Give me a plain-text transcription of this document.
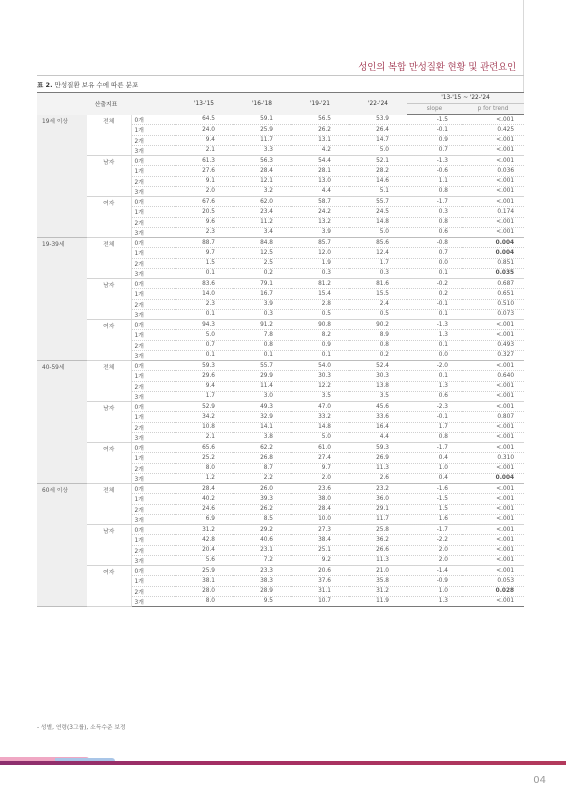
성인의 복합 만성질환 현황 및 관련요인
표 2. 만성질환 보유 수에 따른 분포
산출지표			'13-'15	'16-'18	'19-'21	'22-'24	'13-'15 ~ '22-'24	
							slope	p for trend
19세 이상	전체	0개	64.5	59.1	56.5	53.9	-1.5	<.001
		1개	24.0	25.9	26.2	26.4	-0.1	0.425
		2개	9.4	11.7	13.1	14.7	0.9	<.001
		3개	2.1	3.3	4.2	5.0	0.7	<.001
	남자	0개	61.3	56.3	54.4	52.1	-1.3	<.001
		1개	27.6	28.4	28.1	28.2	-0.6	0.036
		2개	9.1	12.1	13.0	14.6	1.1	<.001
		3개	2.0	3.2	4.4	5.1	0.8	<.001
	여자	0개	67.6	62.0	58.7	55.7	-1.7	<.001
		1개	20.5	23.4	24.2	24.5	0.3	0.174
		2개	9.6	11.2	13.2	14.8	0.8	<.001
		3개	2.3	3.4	3.9	5.0	0.6	<.001
19-39세	전체	0개	88.7	84.8	85.7	85.6	-0.8	0.004
		1개	9.7	12.5	12.0	12.4	0.7	0.004
		2개	1.5	2.5	1.9	1.7	0.0	0.851
		3개	0.1	0.2	0.3	0.3	0.1	0.035
	남자	0개	83.6	79.1	81.2	81.6	-0.2	0.687
		1개	14.0	16.7	15.4	15.5	0.2	0.651
		2개	2.3	3.9	2.8	2.4	-0.1	0.510
		3개	0.1	0.3	0.5	0.5	0.1	0.073
	여자	0개	94.3	91.2	90.8	90.2	-1.3	<.001
		1개	5.0	7.8	8.2	8.9	1.3	<.001
		2개	0.7	0.8	0.9	0.8	0.1	0.493
		3개	0.1	0.1	0.1	0.2	0.0	0.327
40-59세	전체	0개	59.3	55.7	54.0	52.4	-2.0	<.001
		1개	29.6	29.9	30.3	30.3	0.1	0.640
		2개	9.4	11.4	12.2	13.8	1.3	<.001
		3개	1.7	3.0	3.5	3.5	0.6	<.001
	남자	0개	52.9	49.3	47.0	45.6	-2.3	<.001
		1개	34.2	32.9	33.2	33.6	-0.1	0.807
		2개	10.8	14.1	14.8	16.4	1.7	<.001
		3개	2.1	3.8	5.0	4.4	0.8	<.001
	여자	0개	65.6	62.2	61.0	59.3	-1.7	<.001
		1개	25.2	26.8	27.4	26.9	0.4	0.310
		2개	8.0	8.7	9.7	11.3	1.0	<.001
		3개	1.2	2.2	2.0	2.6	0.4	0.004
60세 이상	전체	0개	28.4	26.0	23.6	23.2	-1.6	<.001
		1개	40.2	39.3	38.0	36.0	-1.5	<.001
		2개	24.6	26.2	28.4	29.1	1.5	<.001
		3개	6.9	8.5	10.0	11.7	1.6	<.001
	남자	0개	31.2	29.2	27.3	25.8	-1.7	<.001
		1개	42.8	40.6	38.4	36.2	-2.2	<.001
		2개	20.4	23.1	25.1	26.6	2.0	<.001
		3개	5.6	7.2	9.2	11.3	2.0	<.001
	여자	0개	25.9	23.3	20.6	21.0	-1.4	<.001
		1개	38.1	38.3	37.6	35.8	-0.9	0.053
		2개	28.0	28.9	31.1	31.2	1.0	0.028
		3개	8.0	9.5	10.7	11.9	1.3	<.001
- 성별, 연령(3그룹), 소득수준 보정
04
